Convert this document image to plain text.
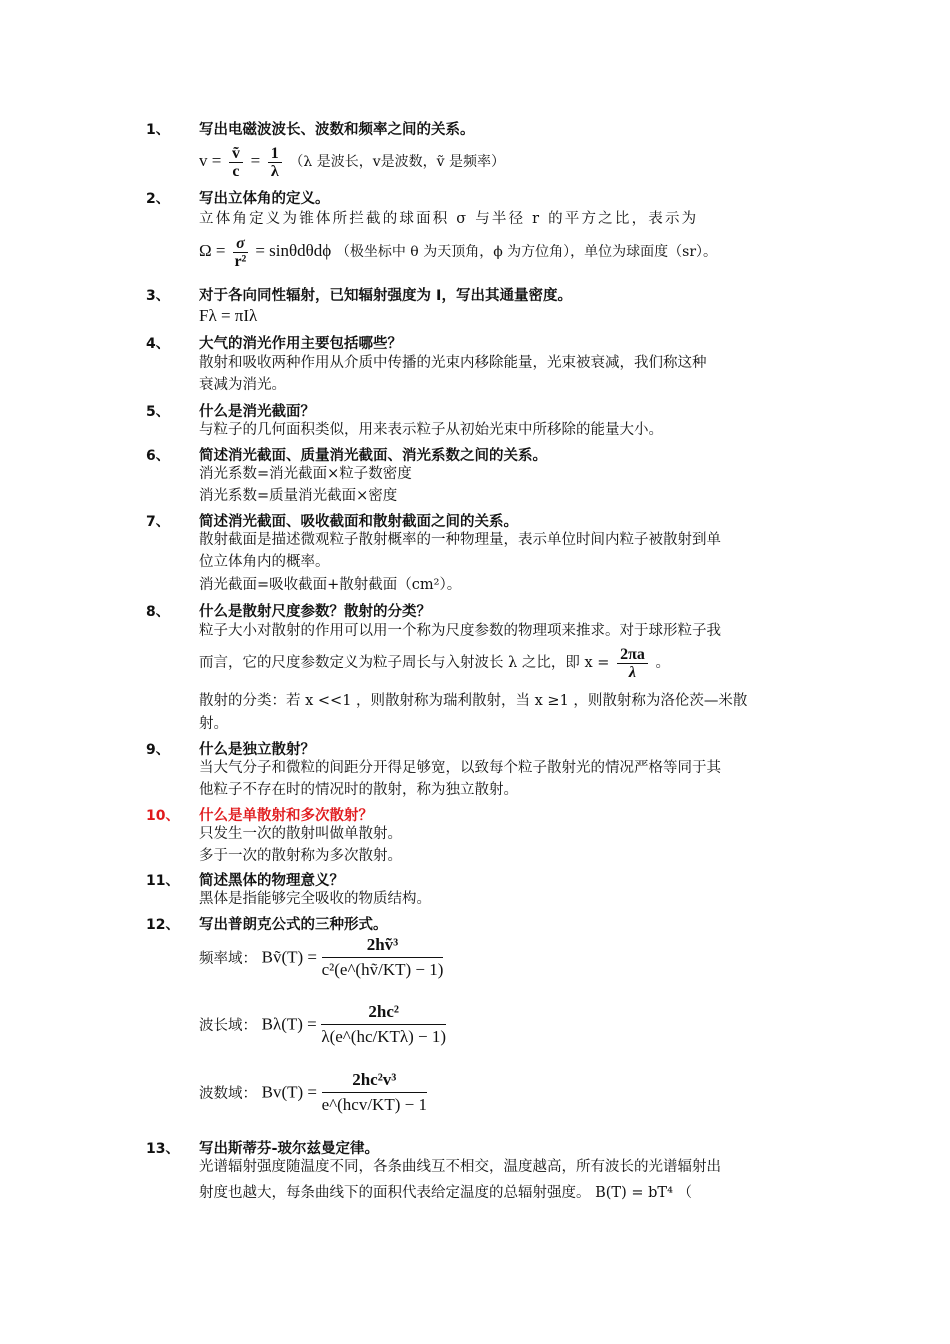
1、 写出电磁波波长、波数和频率之间的关系。
$v = \frac{\text{ṽ}}{c} = \frac{1}{\lambda} (\lambda$ 是波长，v是波数，ṽ 是频率）
2、 写出立体角的定义。
立体角定义为锥体所拦截的球面积 σ 与半径 r 的平方之比，表示为
$\Omega = \frac{\sigma}{\text{r²}} = \sin\theta d\theta d\phi$ （极坐标中 θ 为天顶角，ϕ 为方位角），单位为球面度（sr）。
3、 对于各向同性辐射，已知辐射强度为 I，写出其通量密度。
Fλ = πIλ
4、 大气的消光作用主要包括哪些？
散射和吸收两种作用从介质中传播的光束内移除能量，光束被衰减，我们称这种
衰减为消光。
5、 什么是消光截面？
与粒子的几何面积类似，用来表示粒子从初始光束中所移除的能量大小。
6、 简述消光截面、质量消光截面、消光系数之间的关系。
消光系数=消光截面×粒子数密度
消光系数=质量消光截面×密度
7、 简述消光截面、吸收截面和散射截面之间的关系。
散射截面是描述微观粒子散射概率的一种物理量，表示单位时间内粒子被散射到单
位立体角内的概率。
消光截面=吸收截面+散射截面（cm²）。
8、 什么是散射尺度参数？散射的分类？
粒子大小对散射的作用可以用一个称为尺度参数的物理项来推求。对于球形粒子我
而言，它的尺度参数定义为粒子周长与入射波长 λ 之比，即 $x = \frac{2\pi a}{\lambda}$ 。
散射的分类：若 x <<1 ，则散射称为瑞利散射，当 x ≥1 ，则散射称为洛伦茨—米散
射。
9、 什么是独立散射？
当大气分子和微粒的间距分开得足够宽，以致每个粒子散射光的情况严格等同于其
他粒子不存在时的情况时的散射，称为独立散射。
10、 什么是单散射和多次散射？
只发生一次的散射叫做单散射。
多于一次的散射称为多次散射。
11、 简述黑体的物理意义？
黑体是指能够完全吸收的物质结构。
12、 写出普朗克公式的三种形式。
频率域： Bṽ(T) = $\frac{\text{2hṽ³}}{\text{c²(e\textasciicircum{}(hṽ/KT) − 1)}}$
波长域： Bλ(T) =
2hc²
λ(e^(hc/KTλ) − 1)
波数域： Bv(T) =
2hc²v³
e^(hcv/KT) − 1
13、 写出斯蒂芬-玻尔兹曼定律。
光谱辐射强度随温度不同，各条曲线互不相交，温度越高，所有波长的光谱辐射出
射度也越大，每条曲线下的面积代表给定温度的总辐射强度。 B(T) = bT⁴ （
